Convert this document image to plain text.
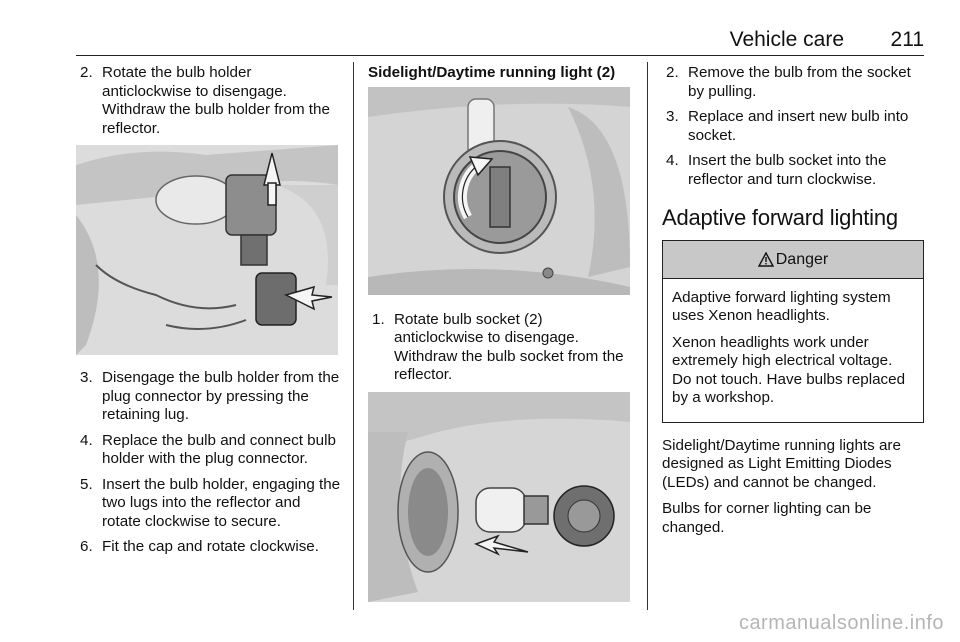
Vehicle care 211
2. Rotate the bulb holder anticlockwise to disengage. Withdraw the bulb holder from the reflector.
3. Disengage the bulb holder from the plug connector by pressing the retaining lug.
4. Replace the bulb and connect bulb holder with the plug connector.
5. Insert the bulb holder, engaging the two lugs into the reflector and rotate clockwise to secure.
6. Fit the cap and rotate clockwise.
Sidelight/Daytime running light (2)
1. Rotate bulb socket (2) anticlockwise to disengage. Withdraw the bulb socket from the reflector.
2. Remove the bulb from the socket by pulling.
3. Replace and insert new bulb into socket.
4. Insert the bulb socket into the reflector and turn clockwise.
Adaptive forward lighting
Danger

Adaptive forward lighting system uses Xenon headlights.

Xenon headlights work under extremely high electrical voltage. Do not touch. Have bulbs replaced by a workshop.

Sidelight/Daytime running lights are designed as Light Emitting Diodes (LEDs) and cannot be changed.

Bulbs for corner lighting can be changed.

carmanualsonline.info
